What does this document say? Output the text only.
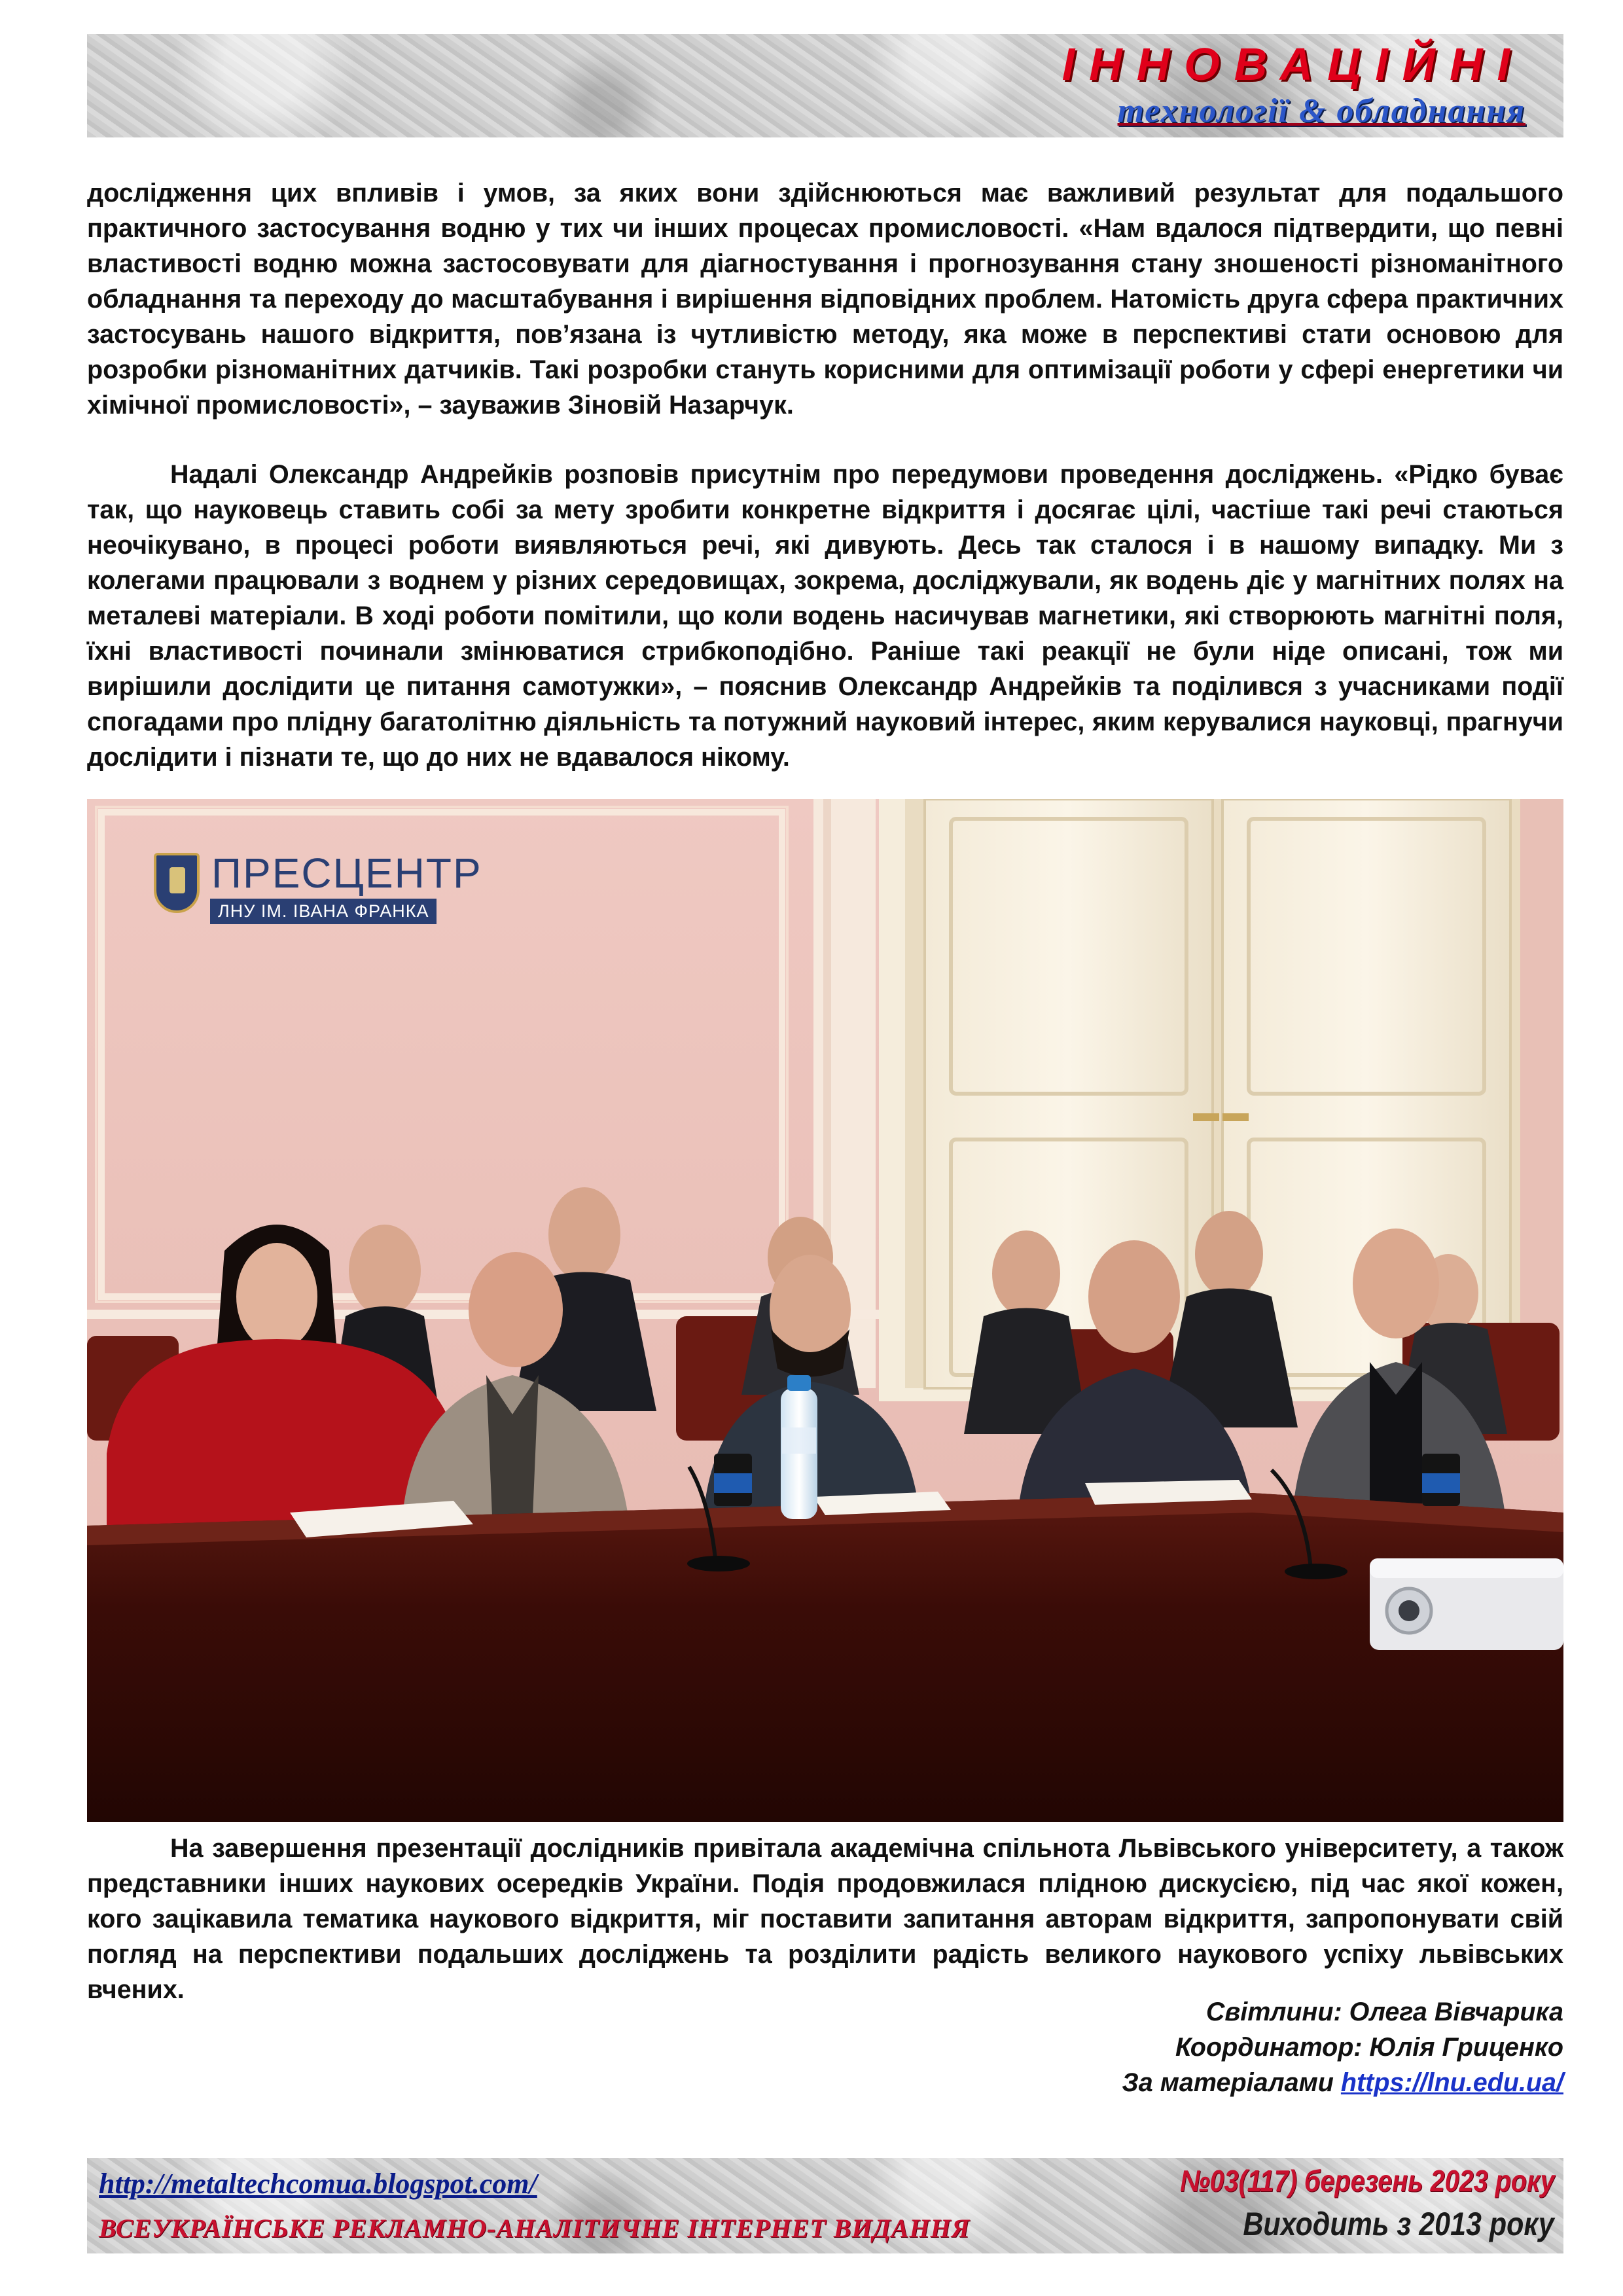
ІННОВАЦІЙНІ
технології & обладнання
дослідження цих впливів і умов, за яких вони здійснюються має важливий результат для подальшого практичного застосування водню у тих чи інших процесах промисловості. «Нам вдалося підтвердити, що певні властивості водню можна застосовувати для діагностування і прогнозування стану зношеності різноманітного обладнання та переходу до масштабування і вирішення відповідних проблем. Натомість друга сфера практичних застосувань нашого відкриття, пов’язана із чутливістю методу, яка може в перспективі стати основою для розробки різноманітних датчиків. Такі розробки стануть корисними для оптимізації роботи у сфері енергетики чи хімічної промисловості», – зауважив Зіновій Назарчук.
Надалі Олександр Андрейків розповів присутнім про передумови проведення досліджень. «Рідко буває так, що науковець ставить собі за мету зробити конкретне відкриття і досягає цілі, частіше такі речі стаються неочікувано, в процесі роботи виявляються речі, які дивують. Десь так сталося і в нашому випадку. Ми з колегами працювали з воднем у різних середовищах, зокрема, досліджували, як водень діє у магнітних полях на металеві матеріали. В ході роботи помітили, що коли водень насичував магнетики, які створюють магнітні поля, їхні властивості починали змінюватися стрибкоподібно. Раніше такі реакції не були ніде описані, тож ми вирішили дослідити це питання самотужки», – пояснив Олександр Андрейків та поділився з учасниками події спогадами про плідну багатолітню діяльність та потужний науковий інтерес, яким керувалися науковці, прагнучи дослідити і пізнати те, що до них не вдавалося нікому.
ПРЕСЦЕНТР
ЛНУ ІМ. ІВАНА ФРАНКА
На завершення презентації дослідників привітала академічна спільнота Львівського університету, а також представники інших наукових осередків України. Подія продовжилася плідною дискусією, під час якої кожен, кого зацікавила тематика наукового відкриття, міг поставити запитання авторам відкриття, запропонувати свій погляд на перспективи подальших досліджень та розділити радість великого наукового успіху львівських вчених.
Світлини: Олега Вівчарика
Координатор: Юлія Гриценко
За матеріалами https://lnu.edu.ua/
http://metaltechcomua.blogspot.com/
ВСЕУКРАЇНСЬКЕ РЕКЛАМНО-АНАЛІТИЧНЕ ІНТЕРНЕТ ВИДАННЯ
№03(117) березень 2023 року
Виходить з 2013 року
